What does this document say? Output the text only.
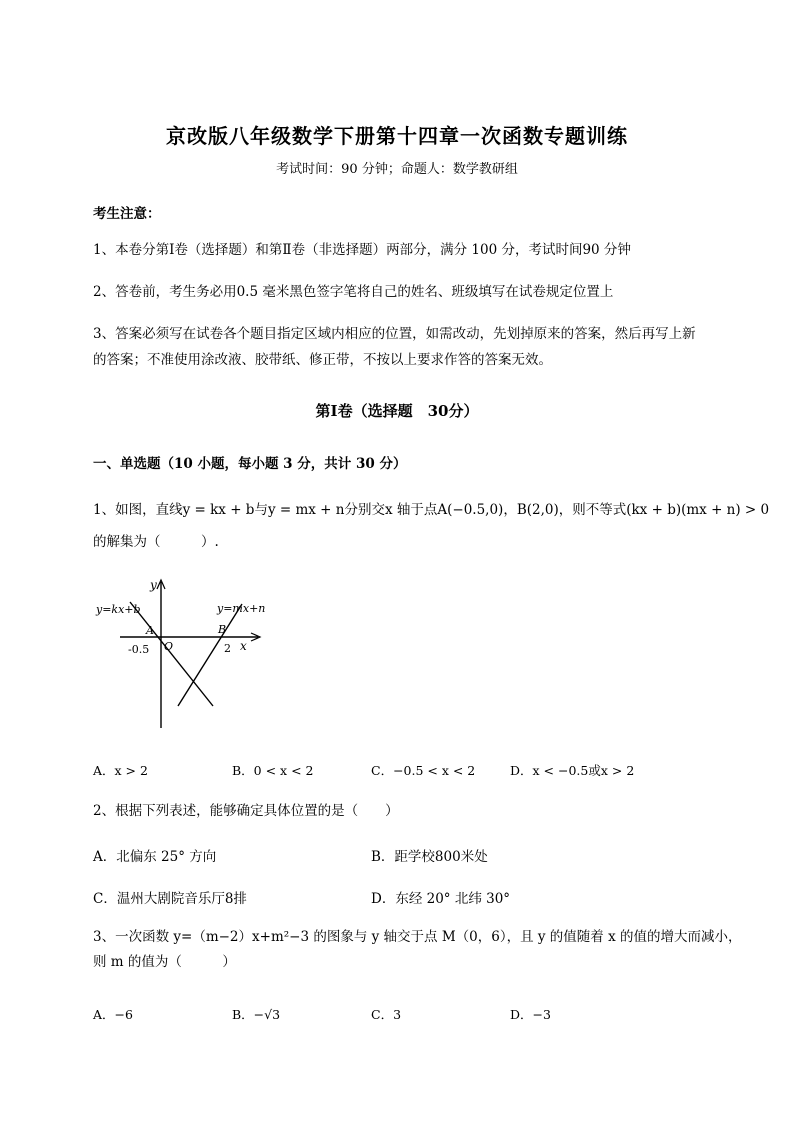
京改版八年级数学下册第十四章一次函数专题训练
考试时间：90 分钟；命题人：数学教研组
考生注意：
1、本卷分第Ⅰ卷（选择题）和第Ⅱ卷（非选择题）两部分，满分 100 分，考试时间90 分钟
2、答卷前，考生务必用0.5 毫米黑色签字笔将自己的姓名、班级填写在试卷规定位置上
3、答案必须写在试卷各个题目指定区域内相应的位置，如需改动，先划掉原来的答案，然后再写上新
的答案；不准使用涂改液、胶带纸、修正带，不按以上要求作答的答案无效。
第Ⅰ卷（选择题　30分）
一、单选题（10 小题，每小题 3 分，共计 30 分）
1、如图，直线y = kx + b与y = mx + n分别交x 轴于点A(−0.5,0)，B(2,0)，则不等式(kx + b)(mx + n) > 0
的解集为（　　　）.
y=kx+b	y=mx+n
y
x
A	B
O
-0.5	2
A．x > 2	B．0 < x < 2	C．−0.5 < x < 2	D．x < −0.5或x > 2
2、根据下列表述，能够确定具体位置的是（　　）
A．北偏东 25° 方向	B．距学校800米处
C．温州大剧院音乐厅8排	D．东经 20° 北纬 30°
3、一次函数 y=（m−2）x+m²−3 的图象与 y 轴交于点 M（0，6），且 y 的值随着 x 的值的增大而减小，
则 m 的值为（　　　）
A．−6	B．−√3	C．3	D．−3
